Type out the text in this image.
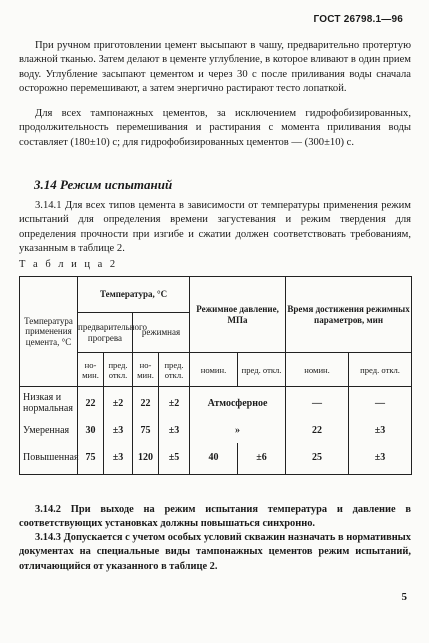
ГОСТ 26798.1—96

При ручном приготовлении цемент высыпают в чашу, предварительно протертую влажной тканью. Затем делают в цементе углубление, в которое вливают в один прием воду. Углубление засыпают цементом и через 30 с после приливания воды сначала осторожно перемешивают, а затем энергично растирают тесто лопаткой.

Для всех тампонажных цементов, за исключением гидрофобизированных, продолжительность перемешивания и растирания с момента приливания воды составляет (180±10) с; для гидрофобизированных цементов — (300±10) с.

3.14 Режим испытаний

3.14.1 Для всех типов цемента в зависимости от температуры применения режим испытаний для определения времени загустевания и режим твердения для определения прочности при изгибе и сжатии должен соответствовать требованиям, указанным в таблице 2.

Т а б л и ц а 2
Температура применения цемента, °С	Температура, °С				Режимное давление, МПа		Время достижения режимных параметров, мин	
	предварительного прогрева		режимная					
	но-мин.	пред. откл.	но-мин.	пред. откл.	номин.	пред. откл.	номин.	пред. откл.
Низкая и нормальная	22	±2	22	±2	Атмосферное		—	—
Умеренная	30	±3	75	±3	»		22	±3
Повышенная	75	±3	120	±5	40	±6	25	±3

3.14.2 При выходе на режим испытания температура и давление в соответствующих установках должны повышаться синхронно.

3.14.3 Допускается с учетом особых условий скважин назначать в нормативных документах на специальные виды тампонажных цементов режим испытаний, отличающийся от указанного в таблице 2.

5
